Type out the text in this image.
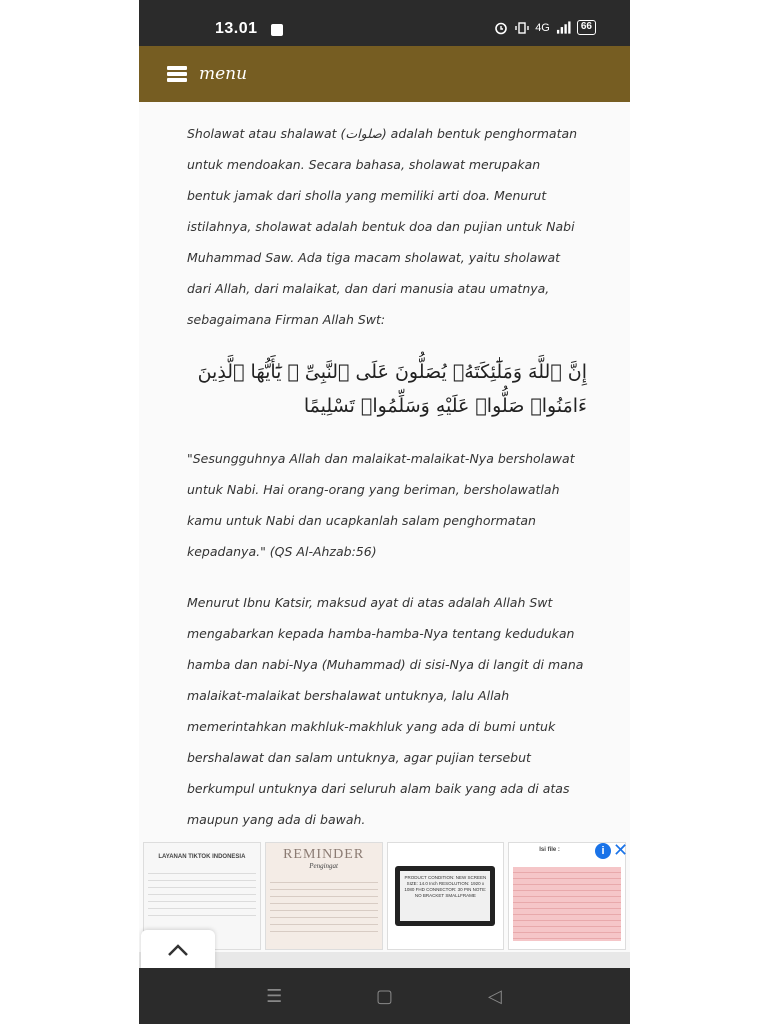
13.01	4G	66
menu

Sholawat atau shalawat (صلوات) adalah bentuk penghormatan untuk mendoakan. Secara bahasa, sholawat merupakan bentuk jamak dari sholla yang memiliki arti doa. Menurut istilahnya, sholawat adalah bentuk doa dan pujian untuk Nabi Muhammad Saw. Ada tiga macam sholawat, yaitu sholawat dari Allah, dari malaikat, dan dari manusia atau umatnya, sebagaimana Firman Allah Swt:

إِنَّ ٱللَّهَ وَمَلَٰٓئِكَتَهُۥ يُصَلُّونَ عَلَى ٱلنَّبِىِّ ۚ يَٰٓأَيُّهَا ٱلَّذِينَ ءَامَنُوا۟ صَلُّوا۟ عَلَيْهِ وَسَلِّمُوا۟ تَسْلِيمًا

"Sesungguhnya Allah dan malaikat-malaikat-Nya bersholawat untuk Nabi. Hai orang-orang yang beriman, bersholawatlah kamu untuk Nabi dan ucapkanlah salam penghormatan kepadanya." (QS Al-Ahzab:56)

Menurut Ibnu Katsir, maksud ayat di atas adalah Allah Swt mengabarkan kepada hamba-hamba-Nya tentang kedudukan hamba dan nabi-Nya (Muhammad) di sisi-Nya di langit di mana malaikat-malaikat bershalawat untuknya, lalu Allah memerintahkan makhluk-makhluk yang ada di bumi untuk bershalawat dan salam untuknya, agar pujian tersebut berkumpul untuknya dari seluruh alam baik yang ada di atas maupun yang ada di bawah.

LAYANAN TIKTOK INDONESIA	REMINDER
Pengingat
PRODUCT CONDITION: NEW SCREEN SIZE: 14.0 Inch RESOLUTION: 1920 x 1080 FHD CONNECTOR: 30 PIN NOTE: NO BRACKET SMALLFRAME
Isi file :	i ✕
☰	▢	◁
